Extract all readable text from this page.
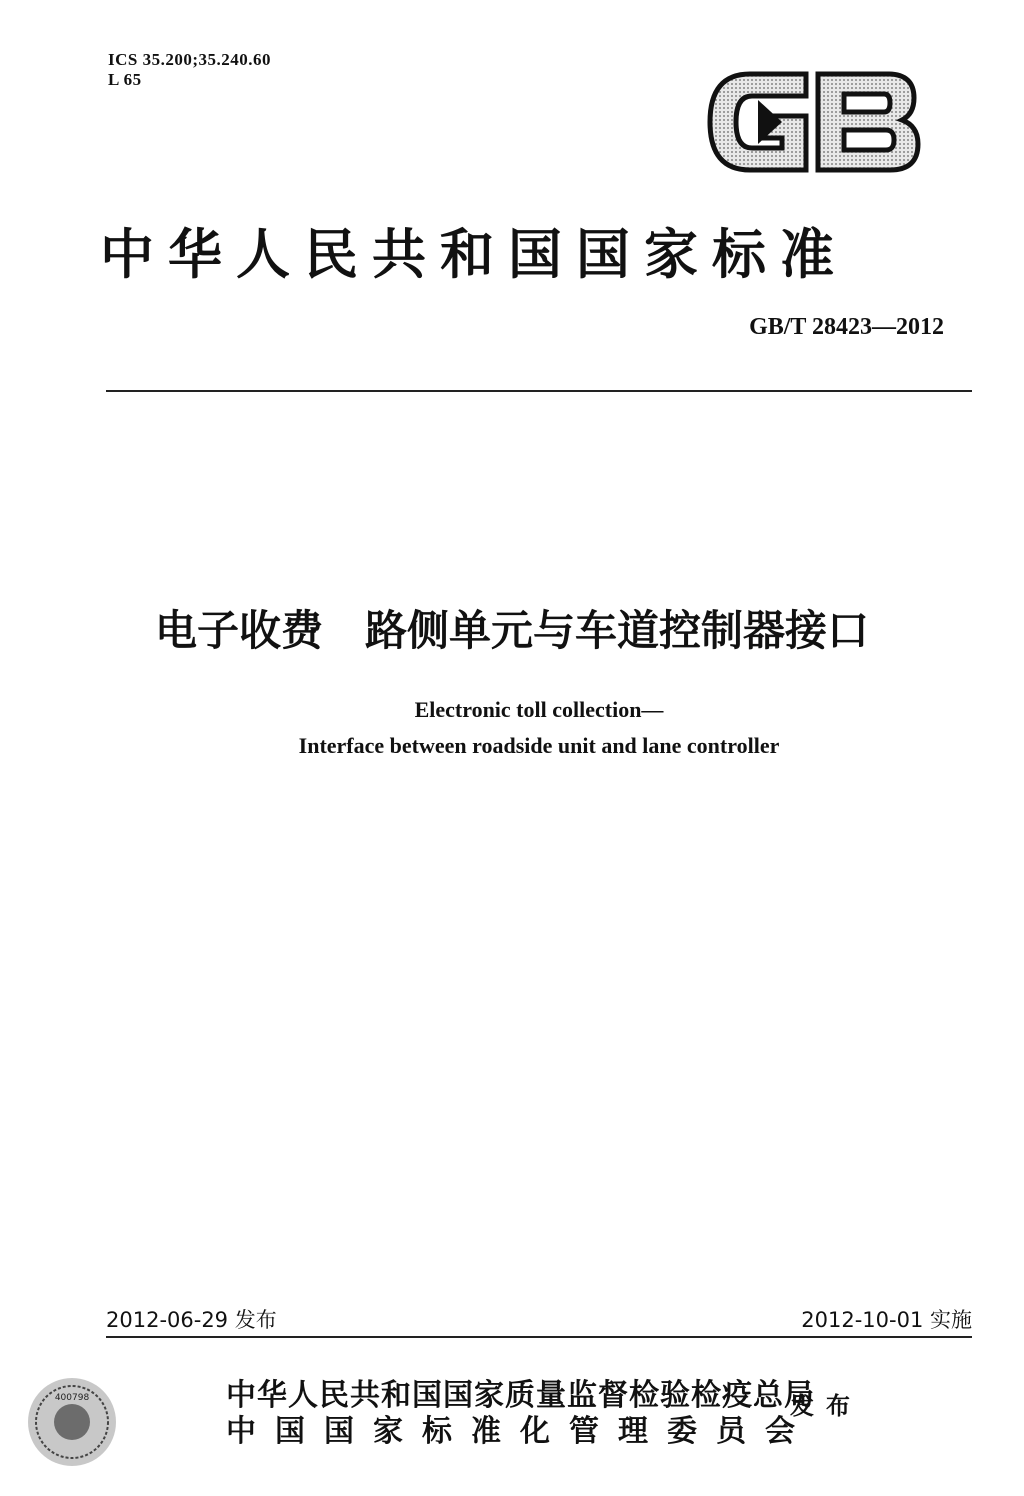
ICS 35.200;35.240.60
L 65
中华人民共和国国家标准
GB/T 28423—2012
电子收费　路侧单元与车道控制器接口
Electronic toll collection—
Interface between roadside unit and lane controller
2012-06-29 发布	2012-10-01 实施
400798	中华人民共和国国家质量监督检验检疫总局
中国国家标准化管理委员会
发布
